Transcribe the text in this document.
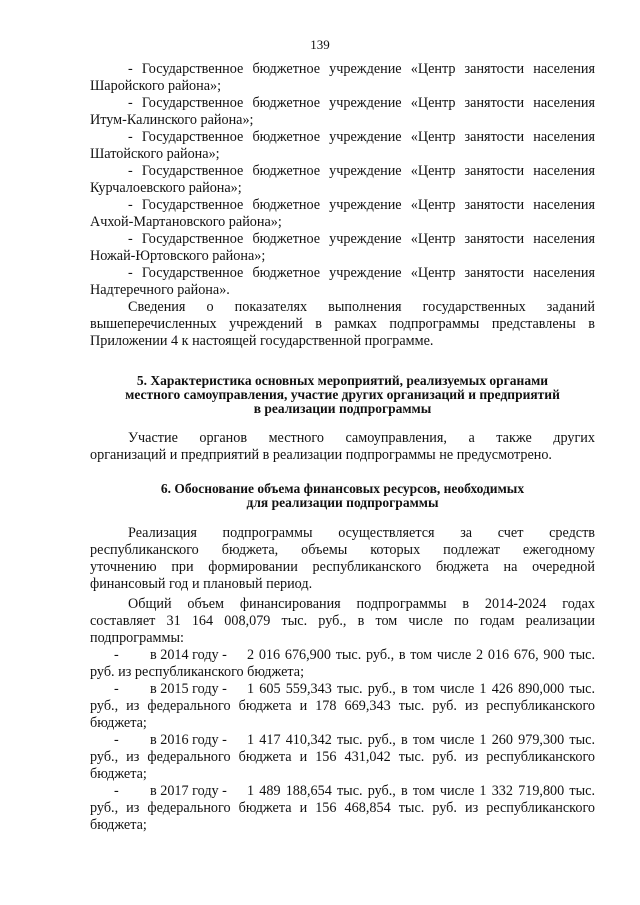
139
- Государственное бюджетное учреждение «Центр занятости населения
Шаройского района»;
- Государственное бюджетное учреждение «Центр занятости населения
Итум-Калинского района»;
- Государственное бюджетное учреждение «Центр занятости населения
Шатойского района»;
- Государственное бюджетное учреждение «Центр занятости населения
Курчалоевского района»;
- Государственное бюджетное учреждение «Центр занятости населения
Ачхой-Мартановского района»;
- Государственное бюджетное учреждение «Центр занятости населения
Ножай-Юртовского района»;
- Государственное бюджетное учреждение «Центр занятости населения
Надтеречного района».
Сведения о показателях выполнения государственных заданий
вышеперечисленных учреждений в рамках подпрограммы представлены в
Приложении 4 к настоящей государственной программе.
5. Характеристика основных мероприятий, реализуемых органами
местного самоуправления, участие других организаций и предприятий
в реализации подпрограммы
Участие органов местного самоуправления, а также других
организаций и предприятий в реализации подпрограммы не предусмотрено.
6. Обоснование объема финансовых ресурсов, необходимых
для реализации подпрограммы
Реализация подпрограммы осуществляется за счет средств
республиканского бюджета, объемы которых подлежат ежегодному
уточнению при формировании республиканского бюджета на очередной
финансовый год и плановый период.
Общий объем финансирования подпрограммы в 2014-2024 годах
составляет 31 164 008,079 тыс. руб., в том числе по годам реализации
подпрограммы:
-	в 2014 году -	2 016 676,900 тыс. руб., в том числе 2 016 676, 900 тыс.
руб. из республиканского бюджета;
-	в 2015 году -	1 605 559,343 тыс. руб., в том числе 1 426 890,000 тыс.
руб., из федерального бюджета и 178 669,343 тыс. руб. из республиканского
бюджета;
-	в 2016 году -	1 417 410,342 тыс. руб., в том числе 1 260 979,300 тыс.
руб., из федерального бюджета и 156 431,042 тыс. руб. из республиканского
бюджета;
-	в 2017 году -	1 489 188,654 тыс. руб., в том числе 1 332 719,800 тыс.
руб., из федерального бюджета и 156 468,854 тыс. руб. из республиканского
бюджета;
